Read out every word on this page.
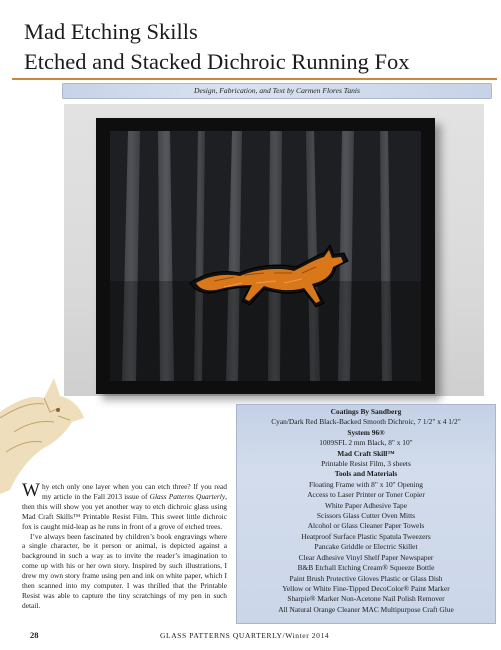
Mad Etching Skills
Etched and Stacked Dichroic Running Fox
Design, Fabrication, and Text by Carmen Flores Tanis
Coatings By Sandberg
Cyan/Dark Red Black-Backed Smooth Dichroic, 7 1/2" x 4 1/2"
System 96®
1009SFL 2 mm Black, 8" x 10"
Mad Craft Skill™
Printable Resist Film, 3 sheets
Tools and Materials
Floating Frame with 8" x 10" Opening
Access to Laser Printer or Toner Copier
White Paper Adhesive Tape
Scissors Glass Cutter Oven Mitts
Alcohol or Glass Cleaner Paper Towels
Heatproof Surface Plastic Spatula Tweezers
Pancake Griddle or Electric Skillet
Clear Adhesive Vinyl Shelf Paper Newspaper
B&B Etchall Etching Cream® Squeeze Bottle
Paint Brush Protective Gloves Plastic or Glass Dish
Yellow or White Fine-Tipped DecoColor® Paint Marker
Sharpie® Marker Non-Acetone Nail Polish Remover
All Natural Orange Cleaner MAC Multipurpose Craft Glue

Why etch only one layer when you can etch three? If you read my article in the Fall 2013 issue of Glass Patterns Quarterly, then this will show you yet another way to etch dichroic glass using Mad Craft Skills™ Printable Resist Film. This sweet little dichroic fox is caught mid-leap as he runs in front of a grove of etched trees.

I’ve always been fascinated by children’s book engravings where a single character, be it person or animal, is depicted against a background in such a way as to invite the reader’s imagination to come up with his or her own story. Inspired by such illustrations, I drew my own story frame using pen and ink on white paper, which I then scanned into my computer. I was thrilled that the Printable Resist was able to capture the tiny scratchings of my pen in such detail.

28	GLASS PATTERNS QUARTERLY/Winter 2014
